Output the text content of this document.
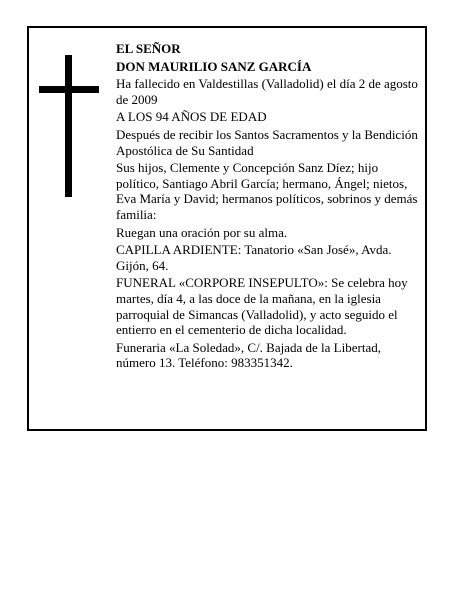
EL SEÑOR

DON MAURILIO SANZ GARCÍA

Ha fallecido en Valdestillas (Valladolid) el día 2 de agosto de 2009

A LOS 94 AÑOS DE EDAD

Después de recibir los Santos Sacramentos y la Bendición Apostólica de Su Santidad

Sus hijos, Clemente y Concepción Sanz Díez; hijo político, Santiago Abril García; hermano, Ángel; nietos, Eva María y David; hermanos políticos, sobrinos y demás familia:

Ruegan una oración por su alma.

CAPILLA ARDIENTE: Tanatorio «San José», Avda. Gijón, 64.

FUNERAL «CORPORE INSEPULTO»: Se celebra hoy martes, día 4, a las doce de la mañana, en la iglesia parroquial de Simancas (Valladolid), y acto seguido el entierro en el cementerio de dicha localidad.

Funeraria «La Soledad», C/. Bajada de la Libertad, número 13. Teléfono: 983351342.
